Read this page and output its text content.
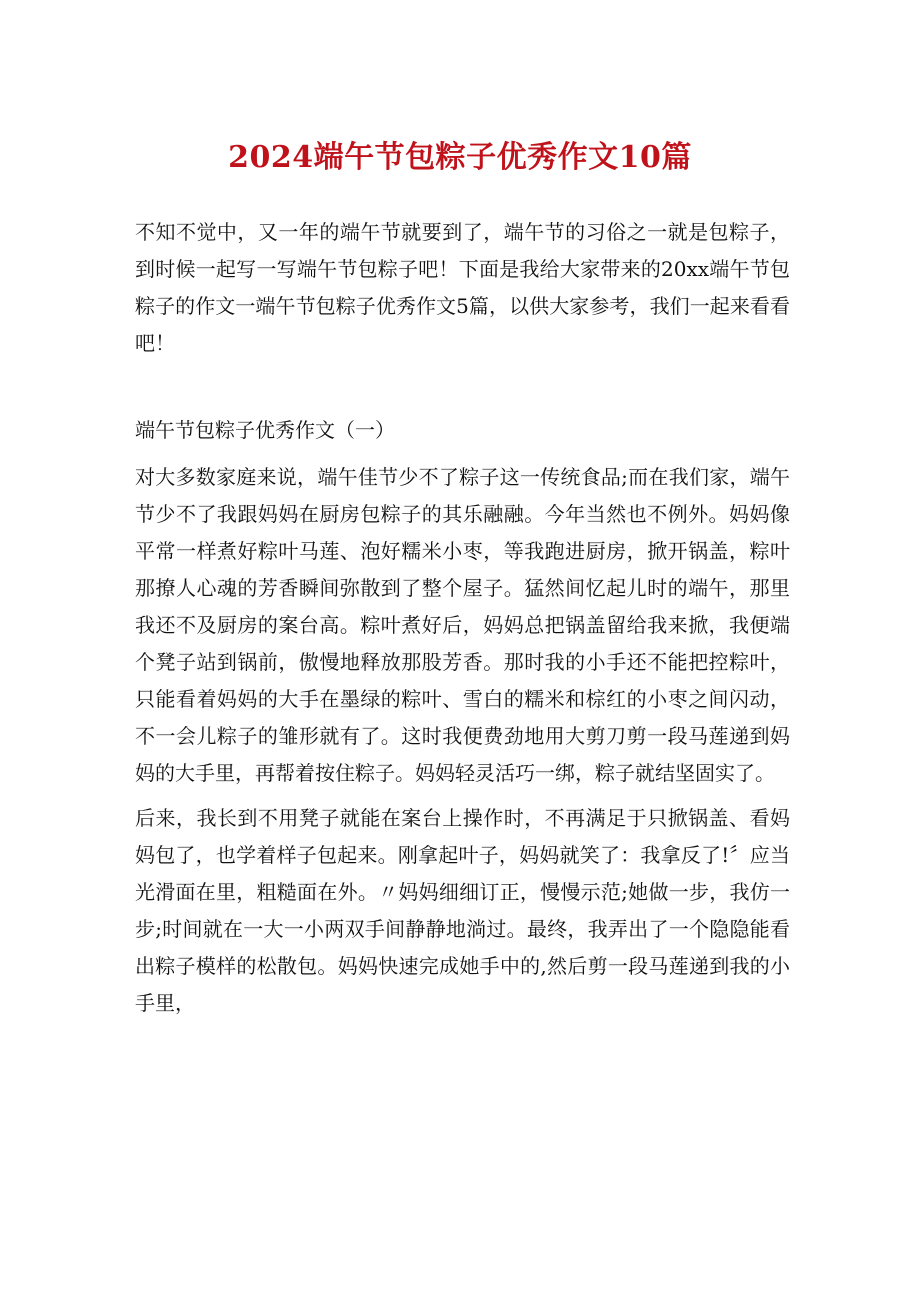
2024端午节包粽子优秀作文10篇

不知不觉中，又一年的端午节就要到了，端午节的习俗之一就是包粽子，到时候一起写一写端午节包粽子吧！下面是我给大家带来的20xx端午节包粽子的作文一端午节包粽子优秀作文5篇，以供大家参考，我们一起来看看吧！

端午节包粽子优秀作文（一）

对大多数家庭来说，端午佳节少不了粽子这一传统食品;而在我们家，端午节少不了我跟妈妈在厨房包粽子的其乐融融。今年当然也不例外。妈妈像平常一样煮好粽叶马莲、泡好糯米小枣，等我跑进厨房，掀开锅盖，粽叶那撩人心魂的芳香瞬间弥散到了整个屋子。猛然间忆起儿时的端午，那里我还不及厨房的案台高。粽叶煮好后，妈妈总把锅盖留给我来掀，我便端个凳子站到锅前，傲慢地释放那股芳香。那时我的小手还不能把控粽叶，只能看着妈妈的大手在墨绿的粽叶、雪白的糯米和棕红的小枣之间闪动，不一会儿粽子的雏形就有了。这时我便费劲地用大剪刀剪一段马莲递到妈妈的大手里，再帮着按住粽子。妈妈轻灵活巧一绑，粽子就结坚固实了。

后来，我长到不用凳子就能在案台上操作时，不再满足于只掀锅盖、看妈妈包了，也学着样子包起来。刚拿起叶子，妈妈就笑了：我拿反了!〞应当光滑面在里，粗糙面在外。〃妈妈细细订正，慢慢示范;她做一步，我仿一步;时间就在一大一小两双手间静静地淌过。最终，我弄出了一个隐隐能看出粽子模样的松散包。妈妈快速完成她手中的,然后剪一段马莲递到我的小手里，
